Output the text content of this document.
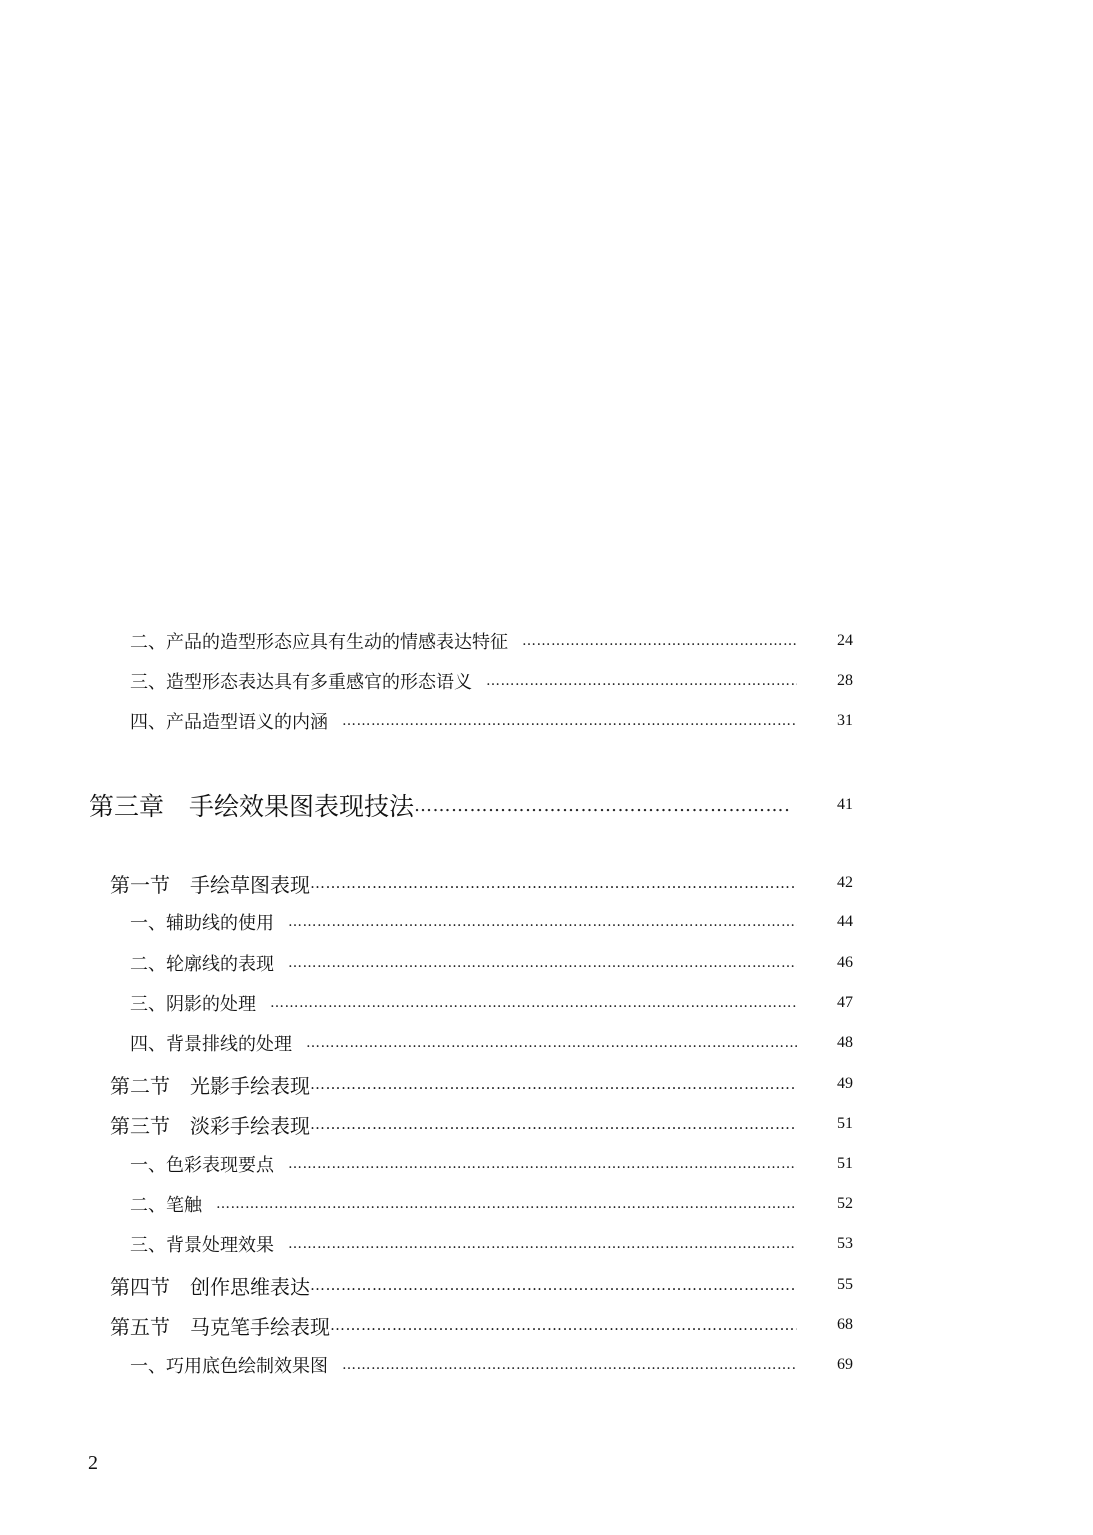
二、产品的造型形态应具有生动的情感表达特征 ………………………………………………………………………………………………………………………………………………………………………………………………………………………………………………………	24
三、造型形态表达具有多重感官的形态语义 ………………………………………………………………………………………………………………………………………………………………………………………………………………………………………………………	28
四、产品造型语义的内涵 ………………………………………………………………………………………………………………………………………………………………………………………………………………………………………………………	31
第三章　手绘效果图表现技法 ………………………………………………………………………………………………………………………………………………………………………………………………………………………………………………………	41
第一节　手绘草图表现 ………………………………………………………………………………………………………………………………………………………………………………………………………………………………………………………	42
一、辅助线的使用 ………………………………………………………………………………………………………………………………………………………………………………………………………………………………………………………	44
二、轮廓线的表现 ………………………………………………………………………………………………………………………………………………………………………………………………………………………………………………………	46
三、阴影的处理 ………………………………………………………………………………………………………………………………………………………………………………………………………………………………………………………	47
四、背景排线的处理 ………………………………………………………………………………………………………………………………………………………………………………………………………………………………………………………	48
第二节　光影手绘表现 ………………………………………………………………………………………………………………………………………………………………………………………………………………………………………………………	49
第三节　淡彩手绘表现 ………………………………………………………………………………………………………………………………………………………………………………………………………………………………………………………	51
一、色彩表现要点 ………………………………………………………………………………………………………………………………………………………………………………………………………………………………………………………	51
二、笔触 ………………………………………………………………………………………………………………………………………………………………………………………………………………………………………………………	52
三、背景处理效果 ………………………………………………………………………………………………………………………………………………………………………………………………………………………………………………………	53
第四节　创作思维表达 ………………………………………………………………………………………………………………………………………………………………………………………………………………………………………………………	55
第五节　马克笔手绘表现 ………………………………………………………………………………………………………………………………………………………………………………………………………………………………………………………	68
一、巧用底色绘制效果图 ………………………………………………………………………………………………………………………………………………………………………………………………………………………………………………………	69
2
